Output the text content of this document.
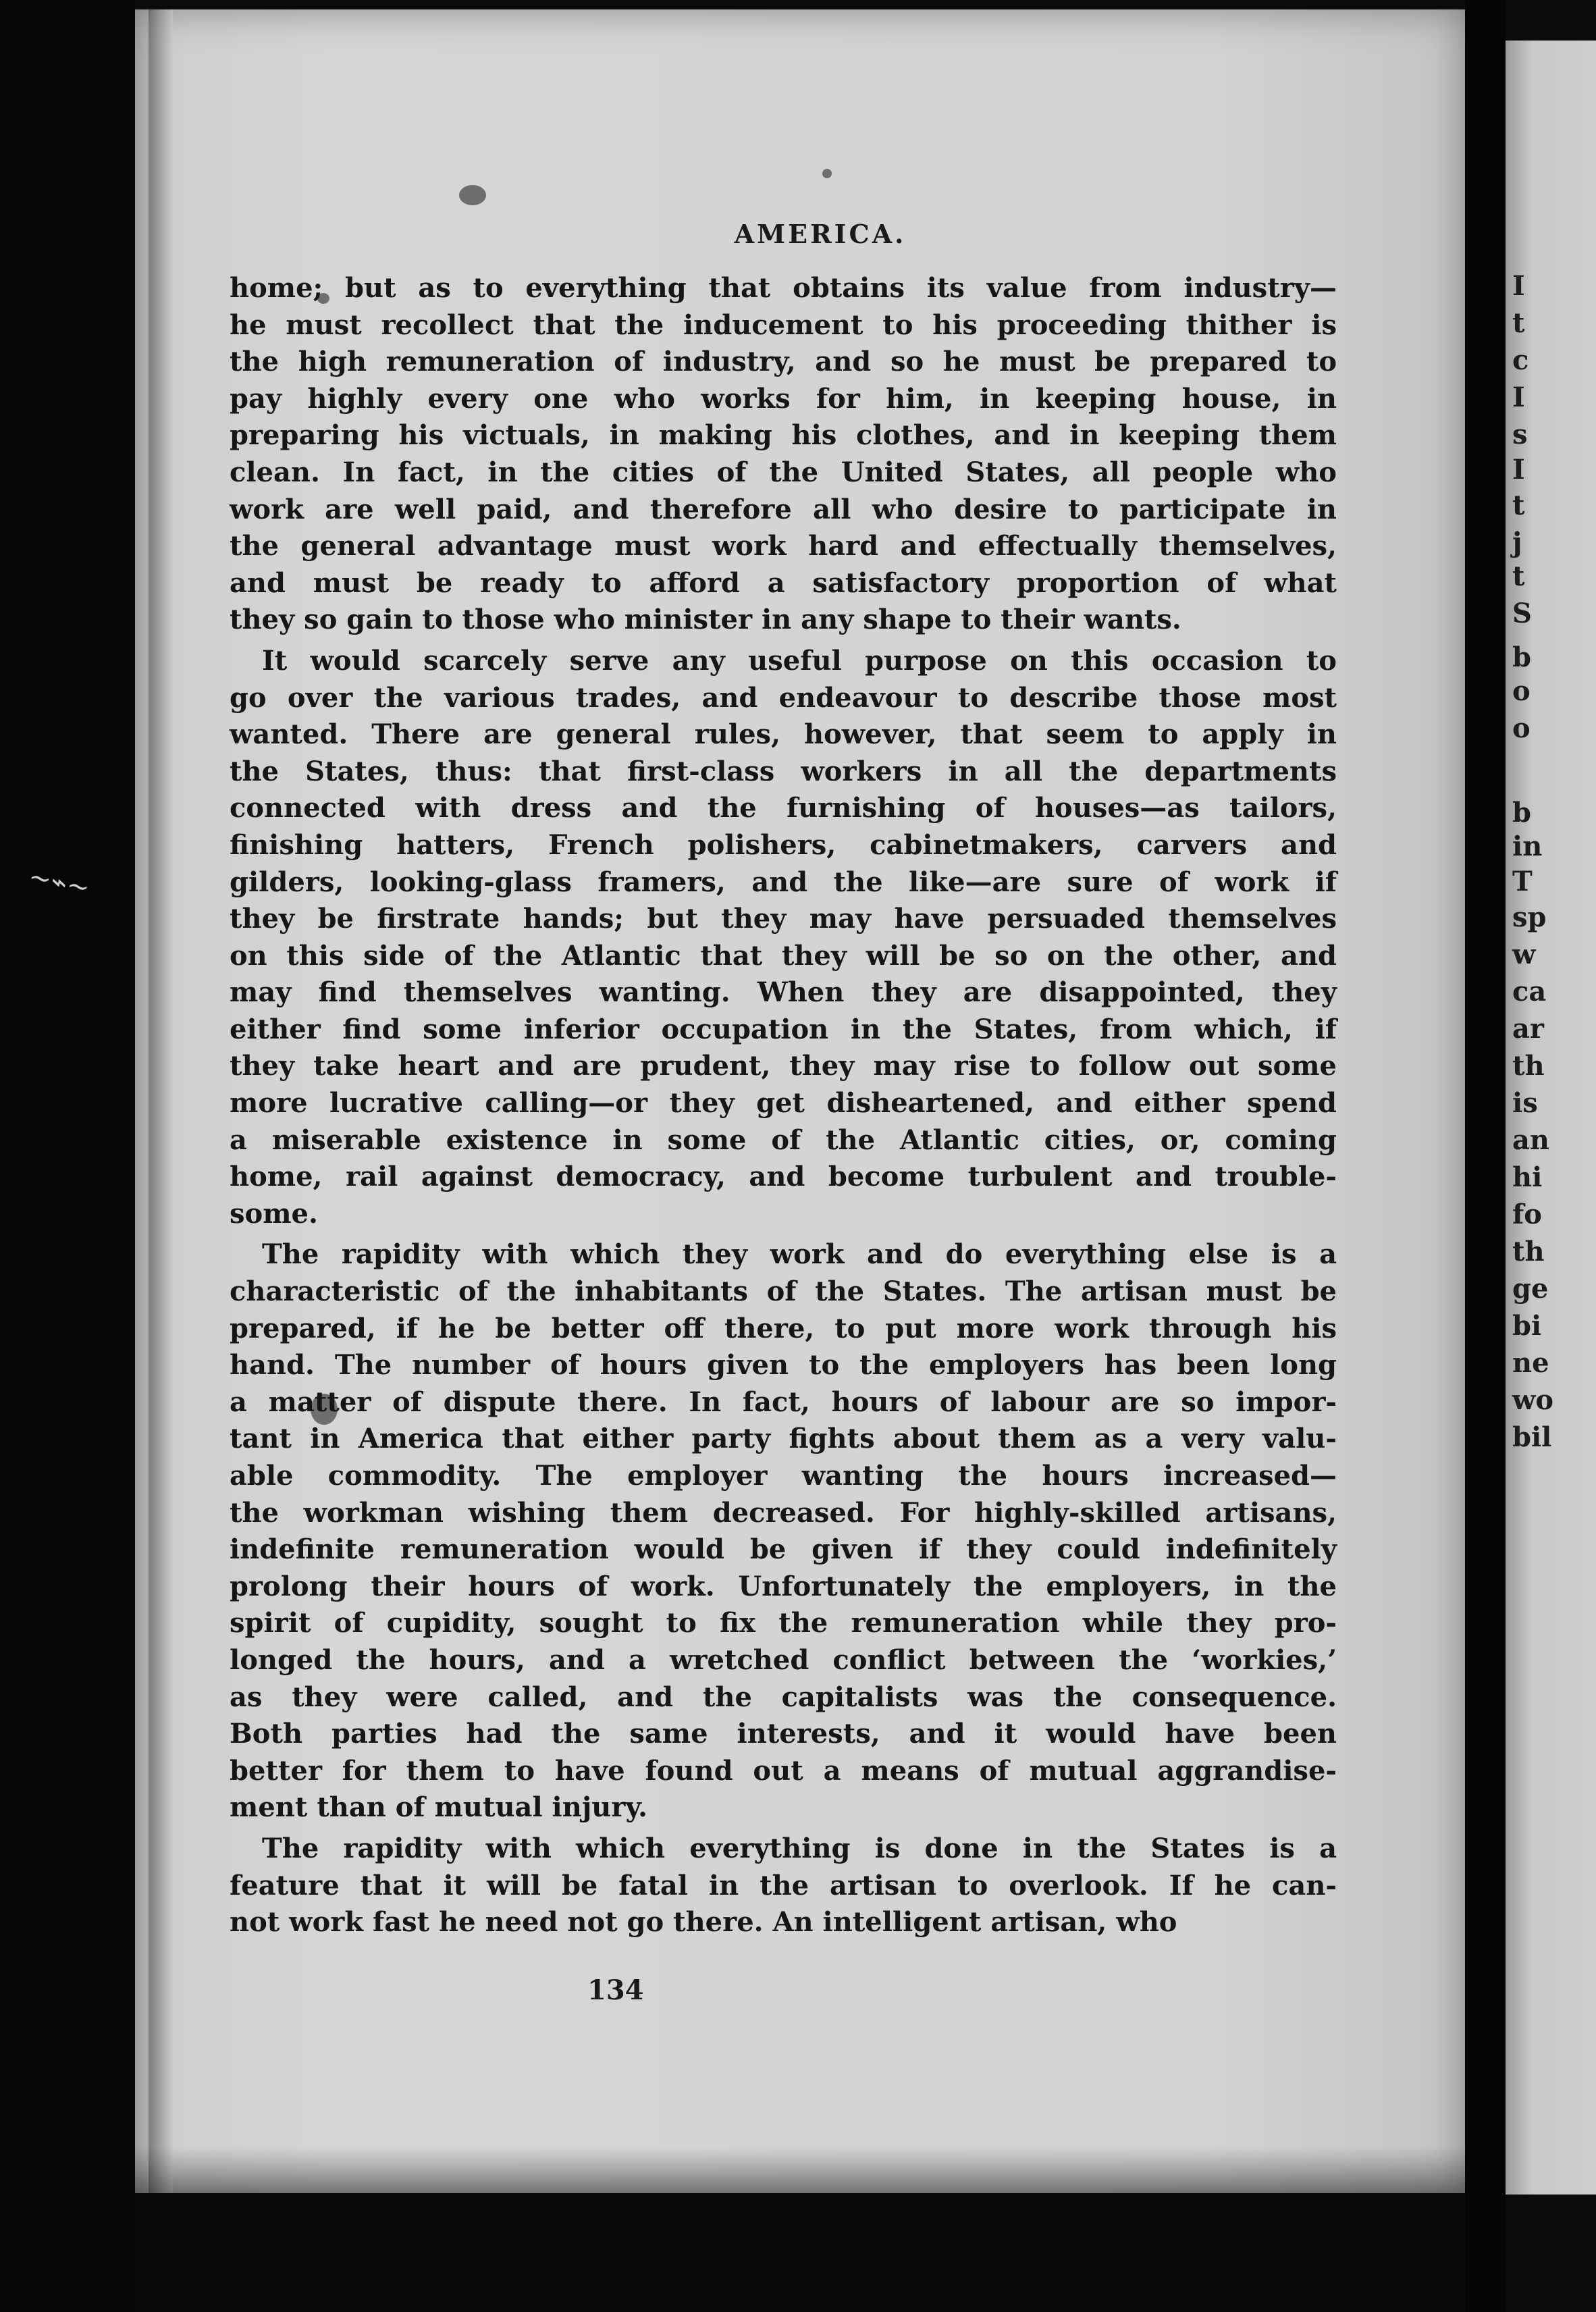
~⌁~
AMERICA.
134
home; but as to everything that obtains its value from industry—
he must recollect that the inducement to his proceeding thither is
the high remuneration of industry, and so he must be prepared to
pay highly every one who works for him, in keeping house, in
preparing his victuals, in making his clothes, and in keeping them
clean. In fact, in the cities of the United States, all people who
work are well paid, and therefore all who desire to participate in
the general advantage must work hard and effectually themselves,
and must be ready to afford a satisfactory proportion of what
they so gain to those who minister in any shape to their wants.
It would scarcely serve any useful purpose on this occasion to
go over the various trades, and endeavour to describe those most
wanted. There are general rules, however, that seem to apply in
the States, thus: that first-class workers in all the departments
connected with dress and the furnishing of houses—as tailors,
finishing hatters, French polishers, cabinetmakers, carvers and
gilders, looking-glass framers, and the like—are sure of work if
they be firstrate hands; but they may have persuaded themselves
on this side of the Atlantic that they will be so on the other, and
may find themselves wanting. When they are disappointed, they
either find some inferior occupation in the States, from which, if
they take heart and are prudent, they may rise to follow out some
more lucrative calling—or they get disheartened, and either spend
a miserable existence in some of the Atlantic cities, or, coming
home, rail against democracy, and become turbulent and trouble-
some.
The rapidity with which they work and do everything else is a
characteristic of the inhabitants of the States. The artisan must be
prepared, if he be better off there, to put more work through his
hand. The number of hours given to the employers has been long
a matter of dispute there. In fact, hours of labour are so impor-
tant in America that either party fights about them as a very valu-
able commodity. The employer wanting the hours increased—
the workman wishing them decreased. For highly-skilled artisans,
indefinite remuneration would be given if they could indefinitely
prolong their hours of work. Unfortunately the employers, in the
spirit of cupidity, sought to fix the remuneration while they pro-
longed the hours, and a wretched conflict between the ‘workies,’
as they were called, and the capitalists was the consequence.
Both parties had the same interests, and it would have been
better for them to have found out a means of mutual aggrandise-
ment than of mutual injury.
The rapidity with which everything is done in the States is a
feature that it will be fatal in the artisan to overlook. If he can-
not work fast he need not go there. An intelligent artisan, who
I
t
c
I
s
I
t
j
t
S
b
o
o
b
in
T
sp
w
ca
ar
th
is
an
hi
fo
th
ge
bi
ne
wo
bil
